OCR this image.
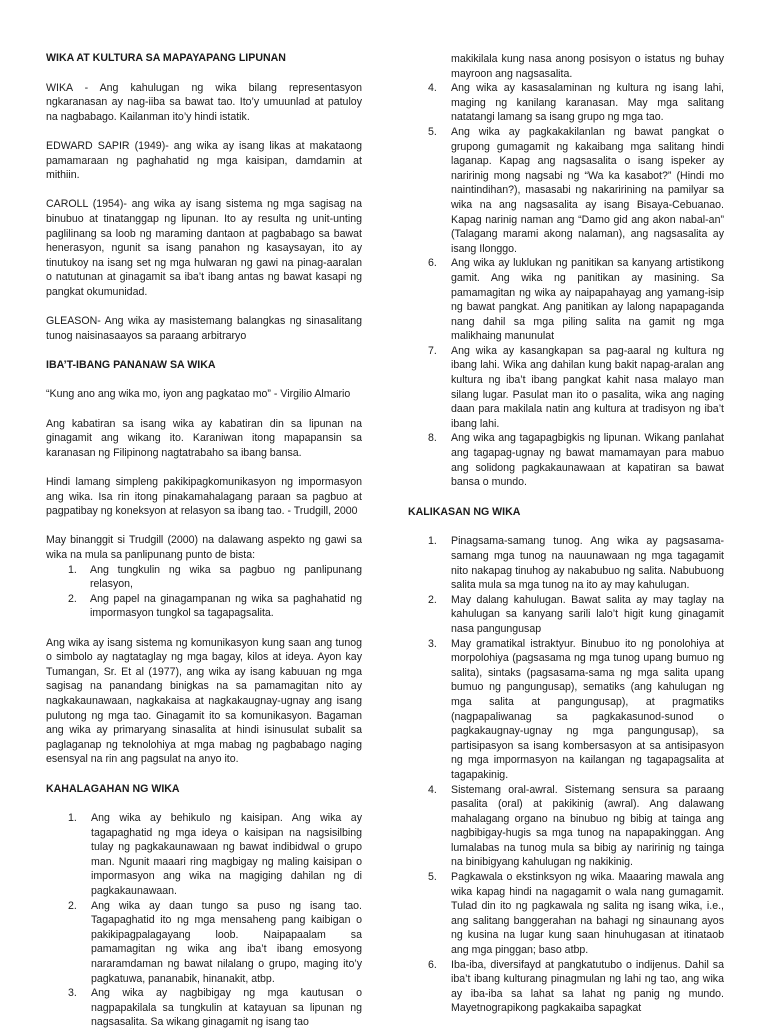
WIKA AT KULTURA SA MAPAYAPANG LIPUNAN

WIKA - Ang kahulugan ng wika bilang representasyon ngkaranasan ay nag-iiba sa bawat tao. Ito’y umuunlad at patuloy na nagbabago. Kailanman ito’y hindi istatik.

EDWARD SAPIR (1949)- ang wika ay isang likas at makataong pamamaraan ng paghahatid ng mga kaisipan, damdamin at mithiin.

CAROLL (1954)- ang wika ay isang sistema ng mga sagisag na binubuo at tinatanggap ng lipunan. Ito ay resulta ng unit-unting paglilinang sa loob ng maraming dantaon at pagbabago sa bawat henerasyon, ngunit sa isang panahon ng kasaysayan, ito ay tinutukoy na isang set ng mga hulwaran ng gawi na pinag-aaralan o natutunan at ginagamit sa iba’t ibang antas ng bawat kasapi ng pangkat okumunidad.

GLEASON- Ang wika ay masistemang balangkas ng sinasalitang tunog naisinasaayos sa paraang arbitraryo

IBA’T-IBANG PANANAW SA WIKA

“Kung ano ang wika mo, iyon ang pagkatao mo” - Virgilio Almario

Ang kabatiran sa isang wika ay kabatiran din sa lipunan na ginagamit ang wikang ito. Karaniwan itong mapapansin sa karanasan ng Filipinong nagtatrabaho sa ibang bansa.

Hindi lamang simpleng pakikipagkomunikasyon ng impormasyon ang wika. Isa rin itong pinakamahalagang paraan sa pagbuo at pagpatibay ng koneksyon at relasyon sa ibang tao. - Trudgill, 2000

May binanggit si Trudgill (2000) na dalawang aspekto ng gawi sa wika na mula sa panlipunang punto de bista:

1. Ang tungkulin ng wika sa pagbuo ng panlipunang relasyon,
2. Ang papel na ginagampanan ng wika sa paghahatid ng impormasyon tungkol sa tagapagsalita.

Ang wika ay isang sistema ng komunikasyon kung saan ang tunog o simbolo ay nagtataglay ng mga bagay, kilos at ideya. Ayon kay Tumangan, Sr. Et al (1977), ang wika ay isang kabuuan ng mga sagisag na panandang binigkas na sa pamamagitan nito ay nagkakaunawaan, nagkakaisa at nagkakaugnay-ugnay ang isang pulutong ng mga tao. Ginagamit ito sa komunikasyon. Bagaman ang wika ay primaryang sinasalita at hindi isinusulat subalit sa paglaganap ng teknolohiya at mga mabag ng pagbabago naging esensyal na rin ang pagsulat na anyo ito.

KAHALAGAHAN NG WIKA
1. Ang wika ay behikulo ng kaisipan. Ang wika ay tagapaghatid ng mga ideya o kaisipan na nagsisilbing tulay ng pagkakaunawaan ng bawat indibidwal o grupo man. Ngunit maaari ring magbigay ng maling kaisipan o impormasyon ang wika na magiging dahilan ng di pagkakaunawaan.
2. Ang wika ay daan tungo sa puso ng isang tao. Tagapaghatid ito ng mga mensaheng pang kaibigan o pakikipagpalagayang loob. Naipapaalam sa pamamagitan ng wika ang iba’t ibang emosyong nararamdaman ng bawat nilalang o grupo, maging ito’y pagkatuwa, pananabik, hinanakit, atbp.
3. Ang wika ay nagbibigay ng mga kautusan o nagpapakilala sa tungkulin at katayuan sa lipunan ng nagsasalita. Sa wikang ginagamit ng isang tao
makikilala kung nasa anong posisyon o istatus ng buhay mayroon ang nagsasalita.
4. Ang wika ay kasasalaminan ng kultura ng isang lahi, maging ng kanilang karanasan. May mga salitang natatangi lamang sa isang grupo ng mga tao.
5. Ang wika ay pagkakakilanlan ng bawat pangkat o grupong gumagamit ng kakaibang mga salitang hindi laganap. Kapag ang nagsasalita o isang ispeker ay naririnig mong nagsabi ng “Wa ka kasabot?” (Hindi mo naintindihan?), masasabi ng nakaririning na pamilyar sa wika na ang nagsasalita ay isang Bisaya-Cebuanao. Kapag narinig naman ang “Damo gid ang akon nabal-an” (Talagang marami akong nalaman), ang nagsasalita ay isang Ilonggo.
6. Ang wika ay luklukan ng panitikan sa kanyang artistikong gamit. Ang wika ng panitikan ay masining. Sa pamamagitan ng wika ay naipapahayag ang yamang-isip ng bawat pangkat. Ang panitikan ay lalong napapaganda nang dahil sa mga piling salita na gamit ng mga malikhaing manunulat
7. Ang wika ay kasangkapan sa pag-aaral ng kultura ng ibang lahi. Wika ang dahilan kung bakit napag-aralan ang kultura ng iba’t ibang pangkat kahit nasa malayo man silang lugar. Pasulat man ito o pasalita, wika ang naging daan para makilala natin ang kultura at tradisyon ng iba’t ibang lahi.
8. Ang wika ang tagapagbigkis ng lipunan. Wikang panlahat ang tagapag-ugnay ng bawat mamamayan para mabuo ang solidong pagkakaunawaan at kapatiran sa bawat bansa o mundo.
KALIKASAN NG WIKA
1. Pinagsama-samang tunog. Ang wika ay pagsasama-samang mga tunog na nauunawaan ng mga tagagamit nito nakapag tinuhog ay nakabubuo ng salita. Nabubuong salita mula sa mga tunog na ito ay may kahulugan.
2. May dalang kahulugan. Bawat salita ay may taglay na kahulugan sa kanyang sarili lalo’t higit kung ginagamit nasa pangungusap
3. May gramatikal istraktyur. Binubuo ito ng ponolohiya at morpolohiya (pagsasama ng mga tunog upang bumuo ng salita), sintaks (pagsasama-sama ng mga salita upang bumuo ng pangungusap), sematiks (ang kahulugan ng mga salita at pangungusap), at pragmatiks (nagpapaliwanag sa pagkakasunod-sunod o pagkakaugnay-ugnay ng mga pangungusap), sa partisipasyon sa isang kombersasyon at sa antisipasyon ng mga impormasyon na kailangan ng tagapagsalita at tagapakinig.
4. Sistemang oral-awral. Sistemang sensura sa paraang pasalita (oral) at pakikinig (awral). Ang dalawang mahalagang organo na binubuo ng bibig at tainga ang nagbibigay-hugis sa mga tunog na napapakinggan. Ang lumalabas na tunog mula sa bibig ay naririnig ng tainga na binibigyang kahulugan ng nakikinig.
5. Pagkawala o ekstinksyon ng wika. Maaaring mawala ang wika kapag hindi na nagagamit o wala nang gumagamit. Tulad din ito ng pagkawala ng salita ng isang wika, i.e., ang salitang banggerahan na bahagi ng sinaunang ayos ng kusina na lugar kung saan hinuhugasan at itinataob ang mga pinggan; baso atbp.
6. Iba-iba, diversifayd at pangkatutubo o indijenus. Dahil sa iba’t ibang kulturang pinagmulan ng lahi ng tao, ang wika ay iba-iba sa lahat sa lahat ng panig ng mundo. Mayetnograpikong pagkakaiba sapagkat
